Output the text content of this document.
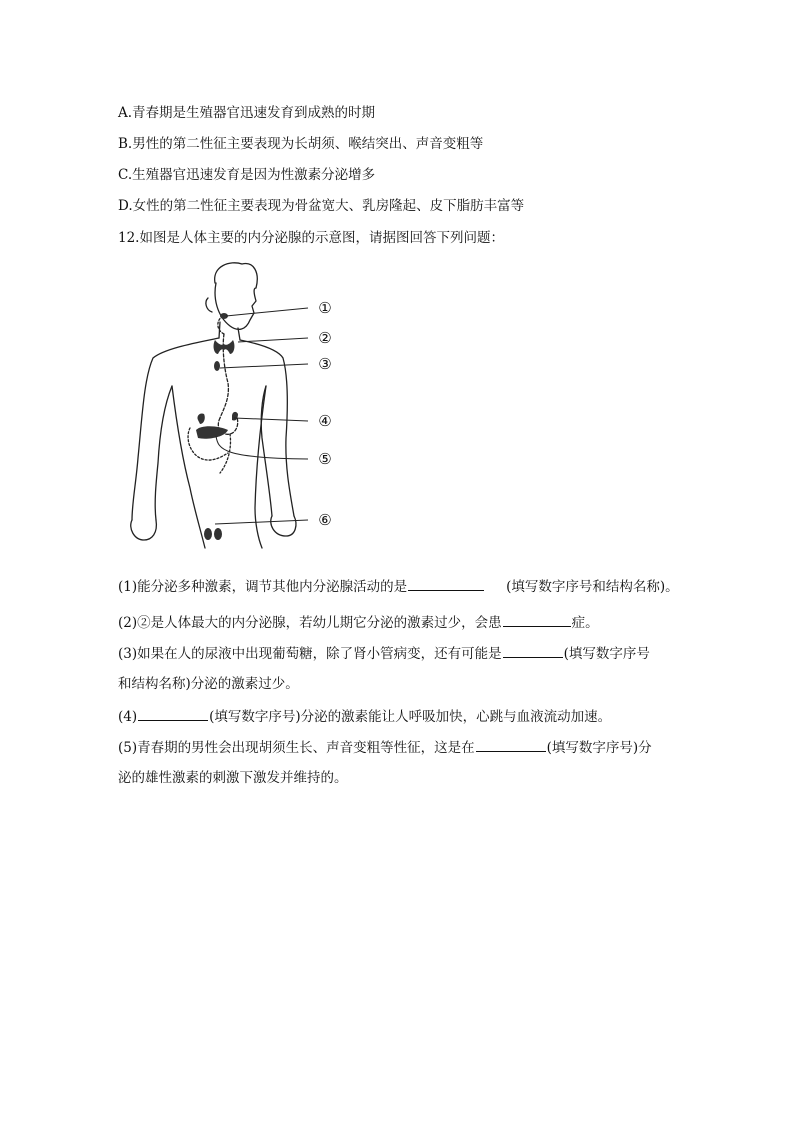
A.青春期是生殖器官迅速发育到成熟的时期
B.男性的第二性征主要表现为长胡须、喉结突出、声音变粗等
C.生殖器官迅速发育是因为性激素分泌增多
D.女性的第二性征主要表现为骨盆宽大、乳房隆起、皮下脂肪丰富等
12.如图是人体主要的内分泌腺的示意图，请据图回答下列问题：
①
②
③
④
⑤
⑥
(1)能分泌多种激素，调节其他内分泌腺活动的是	(填写数字序号和结构名称)。
(2)②是人体最大的内分泌腺，若幼儿期它分泌的激素过少，会患	症。
(3)如果在人的尿液中出现葡萄糖，除了肾小管病变，还有可能是	(填写数字序号
和结构名称)分泌的激素过少。
(4)	(填写数字序号)分泌的激素能让人呼吸加快，心跳与血液流动加速。
(5)青春期的男性会出现胡须生长、声音变粗等性征，这是在	(填写数字序号)分
泌的雄性激素的刺激下激发并维持的。
